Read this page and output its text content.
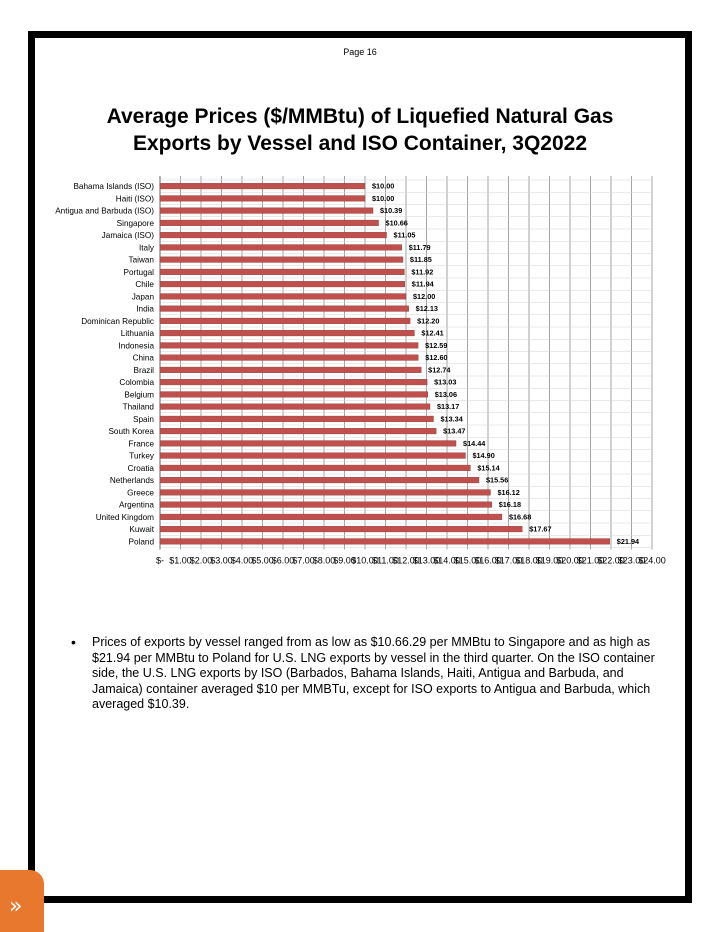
Page 16
Average Prices ($/MMBtu) of Liquefied Natural Gas
Exports by Vessel and ISO Container, 3Q2022
$- $1.00
$2.00
$3.00
$4.00
$5.00
$6.00
$7.00
$8.00
$9.00
$10.00
$11.00
$12.00
$13.00
$14.00
$15.00
$16.00
$17.00
$18.00
$19.00
$20.00
$21.00
$22.00
$23.00
$24.00
Bahama Islands (ISO)	$10.00
Haiti (ISO)	$10.00
Antigua and Barbuda (ISO)	$10.39
Singapore	$10.66
Jamaica (ISO)	$11.05
Italy	$11.79
Taiwan	$11.85
Portugal	$11.92
Chile	$11.94
Japan	$12.00
India	$12.13
Dominican Republic	$12.20
Lithuania	$12.41
Indonesia	$12.59
China	$12.60
Brazil	$12.74
Colombia	$13.03
Belgium	$13.06
Thailand	$13.17
Spain	$13.34
South Korea	$13.47
France	$14.44
Turkey	$14.90
Croatia	$15.14
Netherlands	$15.56
Greece	$16.12
Argentina	$16.18
United Kingdom	$16.68
Kuwait	$17.67
Poland	$21.94
• Prices of exports by vessel ranged from as low as $10.66.29 per MMBtu to Singapore and as high as $21.94 per MMBtu to Poland for U.S. LNG exports by vessel in the third quarter. On the ISO container side, the U.S. LNG exports by ISO (Barbados, Bahama Islands, Haiti, Antigua and Barbuda, and Jamaica) container averaged $10 per MMBTu, except for ISO exports to Antigua and Barbuda, which averaged $10.39.
»
